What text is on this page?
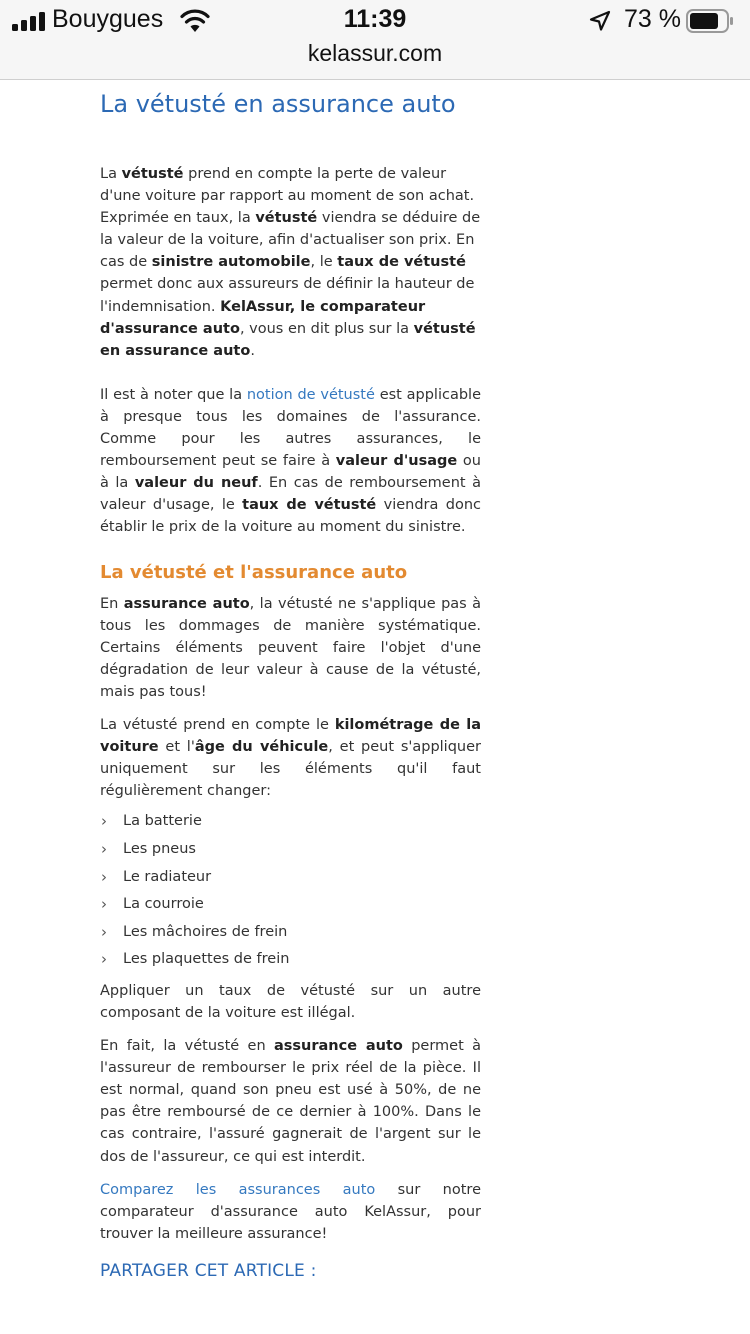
Bouygues	11:39	73 %
kelassur.com
La vétusté en assurance auto

La vétusté prend en compte la perte de valeur d'une voiture par rapport au moment de son achat. Exprimée en taux, la vétusté viendra se déduire de la valeur de la voiture, afin d'actualiser son prix. En cas de sinistre automobile, le taux de vétusté permet donc aux assureurs de définir la hauteur de l'indemnisation. KelAssur, le comparateur d'assurance auto, vous en dit plus sur la vétusté en assurance auto.

Il est à noter que la notion de vétusté est applicable à presque tous les domaines de l'assurance. Comme pour les autres assurances, le remboursement peut se faire à valeur d'usage ou à la valeur du neuf. En cas de remboursement à valeur d'usage, le taux de vétusté viendra donc établir le prix de la voiture au moment du sinistre.

La vétusté et l'assurance auto

En assurance auto, la vétusté ne s'applique pas à tous les dommages de manière systématique. Certains éléments peuvent faire l'objet d'une dégradation de leur valeur à cause de la vétusté, mais pas tous!

La vétusté prend en compte le kilométrage de la voiture et l'âge du véhicule, et peut s'appliquer uniquement sur les éléments qu'il faut régulièrement changer:

› La batterie
› Les pneus
› Le radiateur
› La courroie
› Les mâchoires de frein
› Les plaquettes de frein

Appliquer un taux de vétusté sur un autre composant de la voiture est illégal.

En fait, la vétusté en assurance auto permet à l'assureur de rembourser le prix réel de la pièce. Il est normal, quand son pneu est usé à 50%, de ne pas être remboursé de ce dernier à 100%. Dans le cas contraire, l'assuré gagnerait de l'argent sur le dos de l'assureur, ce qui est interdit.

Comparez les assurances auto sur notre comparateur d'assurance auto KelAssur, pour trouver la meilleure assurance!

PARTAGER CET ARTICLE :
